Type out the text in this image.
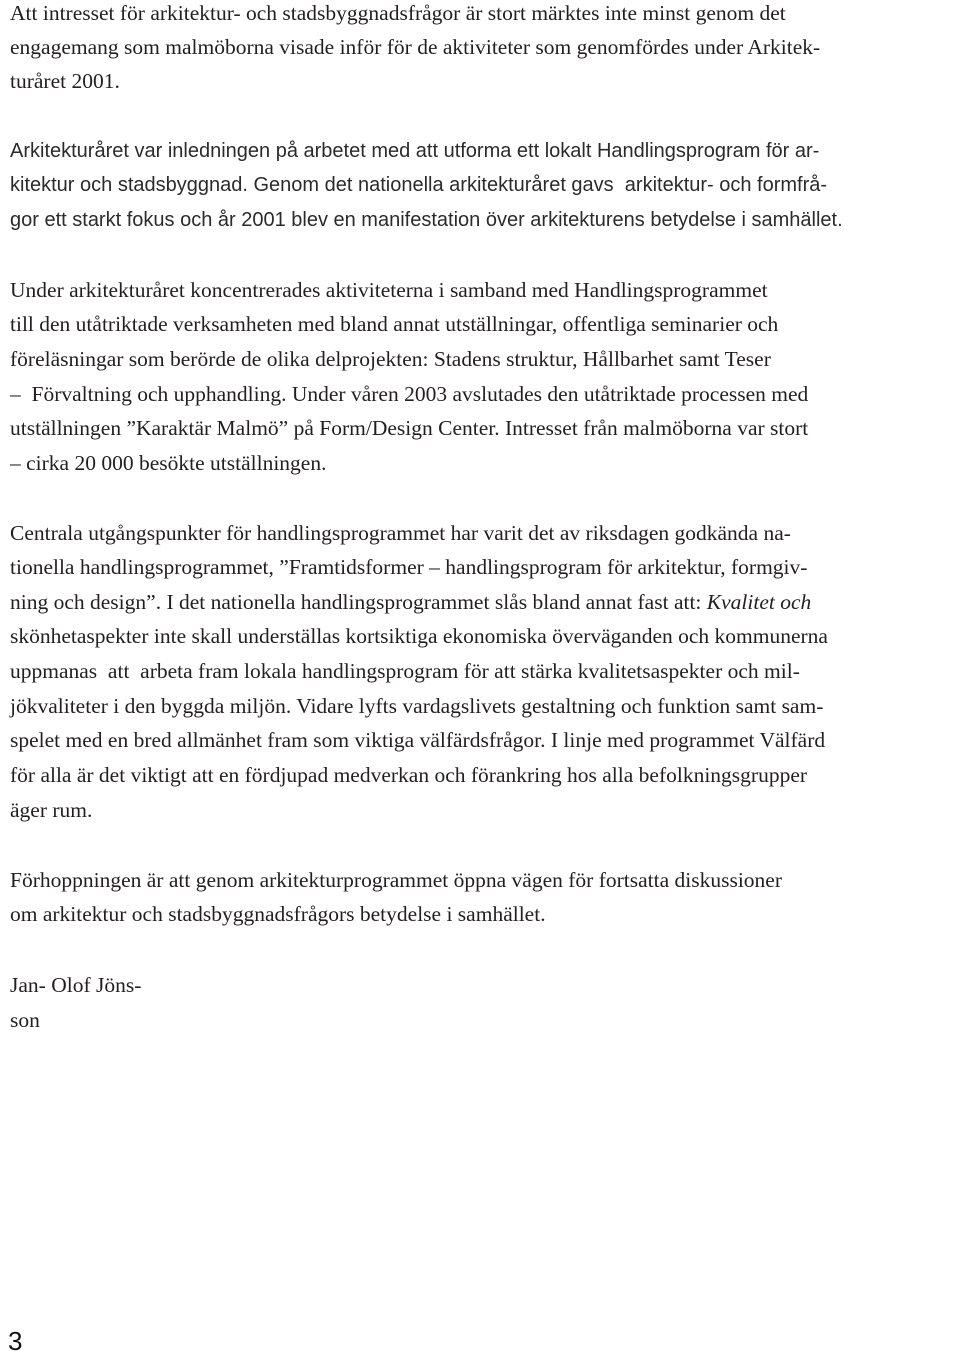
Att intresset för arkitektur- och stadsbyggnadsfrågor är stort märktes inte minst genom det
engagemang som malmöborna visade inför för de aktiviteter som genomfördes under Arkitek-
turåret 2001.
Arkitekturåret var inledningen på arbetet med att utforma ett lokalt Handlingsprogram för ar-
kitektur och stadsbyggnad. Genom det nationella arkitekturåret gavs  arkitektur- och formfrå-
gor ett starkt fokus och år 2001 blev en manifestation över arkitekturens betydelse i samhället.
Under arkitekturåret koncentrerades aktiviteterna i samband med Handlingsprogrammet
till den utåtriktade verksamheten med bland annat utställningar, offentliga seminarier och
föreläsningar som berörde de olika delprojekten: Stadens struktur, Hållbarhet samt Teser
–  Förvaltning och upphandling. Under våren 2003 avslutades den utåtriktade processen med
utställningen ”Karaktär Malmö” på Form/Design Center. Intresset från malmöborna var stort
– cirka 20 000 besökte utställningen.
Centrala utgångspunkter för handlingsprogrammet har varit det av riksdagen godkända na-
tionella handlingsprogrammet, ”Framtidsformer – handlingsprogram för arkitektur, formgiv-
ning och design”. I det nationella handlingsprogrammet slås bland annat fast att: Kvalitet och
skönhetaspekter inte skall underställas kortsiktiga ekonomiska överväganden och kommunerna
uppmanas  att  arbeta fram lokala handlingsprogram för att stärka kvalitetsaspekter och mil-
jökvaliteter i den byggda miljön. Vidare lyfts vardagslivets gestaltning och funktion samt sam-
spelet med en bred allmänhet fram som viktiga välfärdsfrågor. I linje med programmet Välfärd
för alla är det viktigt att en fördjupad medverkan och förankring hos alla befolkningsgrupper
äger rum.
Förhoppningen är att genom arkitekturprogrammet öppna vägen för fortsatta diskussioner
om arkitektur och stadsbyggnadsfrågors betydelse i samhället.
Jan- Olof Jöns-
son
3
